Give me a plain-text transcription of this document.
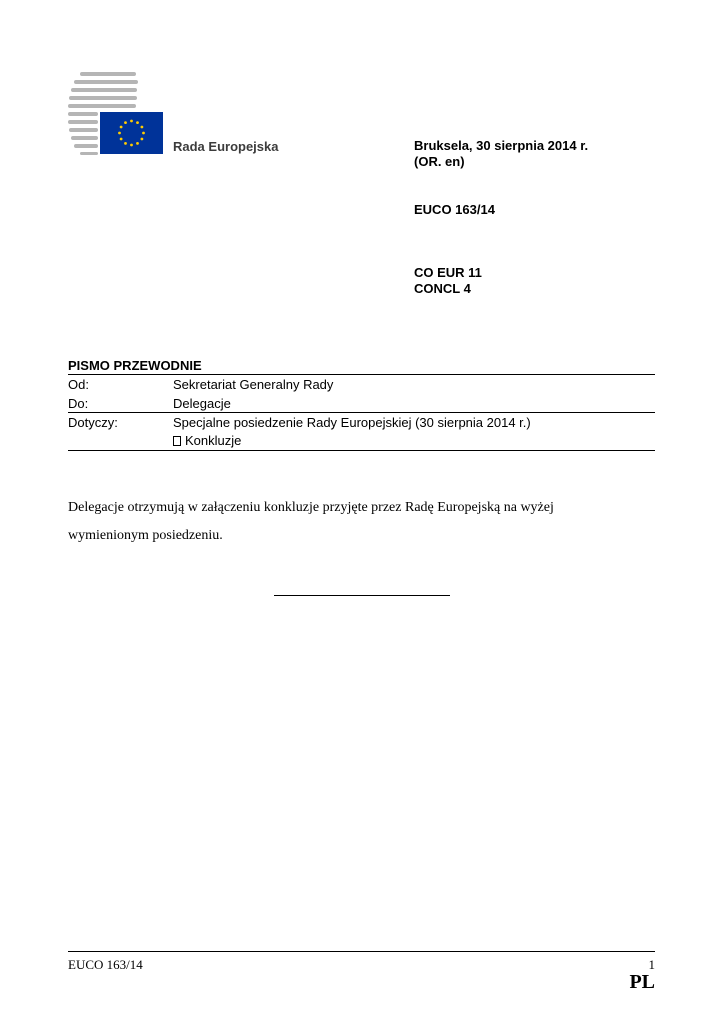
Rada Europejska	Bruksela, 30 sierpnia 2014 r.
(OR. en)
EUCO 163/14
CO EUR 11
CONCL 4
PISMO PRZEWODNIE
Od:	Sekretariat Generalny Rady
Do:	Delegacje
Dotyczy:	Specjalne posiedzenie Rady Europejskiej (30 sierpnia 2014 r.)
Konkluzje
Delegacje otrzymują w załączeniu konkluzje przyjęte przez Radę Europejską na wyżej
wymienionym posiedzeniu.
EUCO 163/14	1
PL
